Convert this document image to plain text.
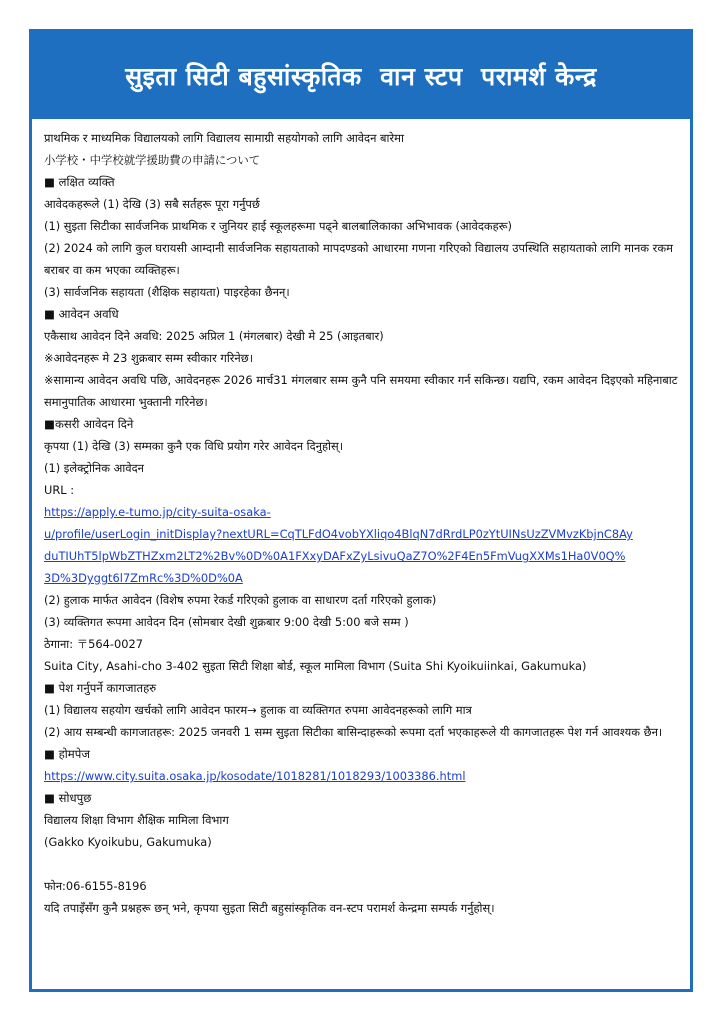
सुइता सिटी बहुसांस्कृतिक  वान स्टप  परामर्श केन्द्र
प्राथमिक र माध्यमिक विद्यालयको लागि विद्यालय सामाग्री सहयोगको लागि आवेदन बारेमा
小学校・中学校就学援助費の申請について
■ लक्षित व्यक्ति
आवेदकहरूले (1) देखि (3) सबै सर्तहरू पूरा गर्नुपर्छ
(1) सुइता सिटीका सार्वजनिक प्राथमिक र जुनियर हाई स्कूलहरूमा पढ्ने बालबालिकाका अभिभावक (आवेदकहरू)
(2) 2024 को लागि कुल घरायसी आम्दानी सार्वजनिक सहायताको मापदण्डको आधारमा गणना गरिएको विद्यालय उपस्थिति सहायताको लागि मानक रकम बराबर वा कम भएका व्यक्तिहरू।
(3) सार्वजनिक सहायता (शैक्षिक सहायता) पाइरहेका छैनन्।
■ आवेदन अवधि
एकैसाथ आवेदन दिने अवधि: 2025 अप्रिल 1 (मंगलबार) देखी मे 25 (आइतबार)
※आवेदनहरू मे 23 शुक्रबार सम्म स्वीकार गरिनेछ।
※सामान्य आवेदन अवधि पछि, आवेदनहरू 2026 मार्च31 मंगलबार सम्म कुनै पनि समयमा स्वीकार गर्न सकिन्छ। यद्यपि, रकम आवेदन दिइएको महिनाबाट समानुपातिक आधारमा भुक्तानी गरिनेछ।
■कसरी आवेदन दिने
कृपया (1) देखि (3) सम्मका कुनै एक विधि प्रयोग गरेर आवेदन दिनुहोस्।
(1) इलेक्ट्रोनिक आवेदन
URL :
https://apply.e-tumo.jp/city-suita-osaka-
u/profile/userLogin_initDisplay?nextURL=CqTLFdO4vobYXliqo4BlqN7dRrdLP0zYtUINsUzZVMvzKbjnC8Ay
duTIUhT5lpWbZTHZxm2LT2%2Bv%0D%0A1FXxyDAFxZyLsivuQaZ7O%2F4En5FmVugXXMs1Ha0V0Q%
3D%3Dyggt6l7ZmRc%3D%0D%0A
(2) हुलाक मार्फत आवेदन (विशेष रुपमा रेकर्ड गरिएको हुलाक वा साधारण दर्ता गरिएको हुलाक)
(3) व्यक्तिगत रूपमा आवेदन दिन (सोमबार देखी शुक्रबार 9:00 देखी 5:00 बजे सम्म )
ठेगाना: 〒564-0027
Suita City, Asahi-cho 3-402 सुइता सिटी शिक्षा बोर्ड, स्कूल मामिला विभाग (Suita Shi Kyoikuiinkai, Gakumuka)
■ पेश गर्नुपर्ने कागजातहरु
(1) विद्यालय सहयोग खर्चको लागि आवेदन फारम→ हुलाक वा व्यक्तिगत रुपमा आवेदनहरूको लागि मात्र
(2) आय सम्बन्धी कागजातहरू: 2025 जनवरी 1 सम्म सुइता सिटीका बासिन्दाहरूको रूपमा दर्ता भएकाहरूले यी कागजातहरू पेश गर्न आवश्यक छैन।
■ होमपेज
https://www.city.suita.osaka.jp/kosodate/1018281/1018293/1003386.html
■ सोधपुछ
विद्यालय शिक्षा विभाग शैक्षिक मामिला विभाग
(Gakko Kyoikubu, Gakumuka)
फोन:06-6155-8196
यदि तपाइँसँग कुनै प्रश्नहरू छन् भने, कृपया सुइता सिटी बहुसांस्कृतिक वन-स्टप परामर्श केन्द्रमा सम्पर्क गर्नुहोस्।
